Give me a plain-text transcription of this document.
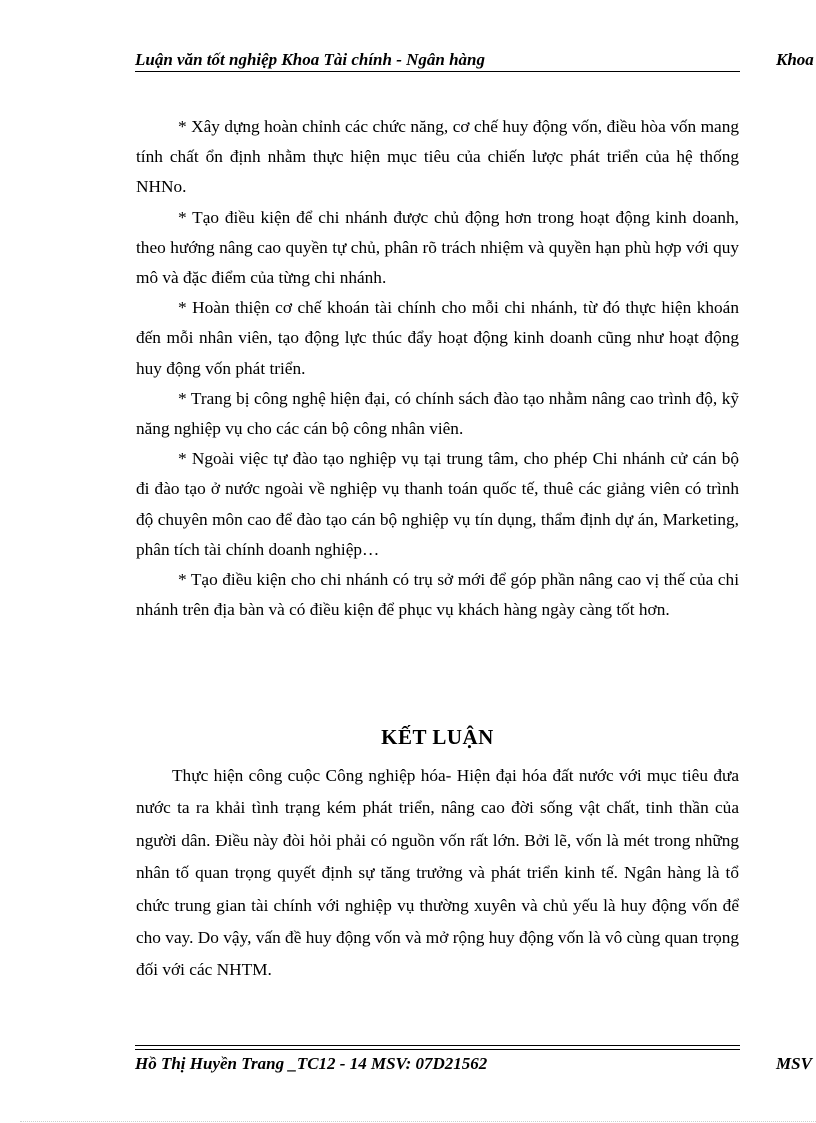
Luận văn tốt nghiệp Khoa Tài chính - Ngân hàng	Khoa

* Xây dựng hoàn chỉnh các chức năng, cơ chế huy động vốn, điều hòa vốn mang tính chất ổn định nhằm thực hiện mục tiêu của chiến lược phát triển của hệ thống NHNo.

* Tạo điều kiện để chi nhánh được chủ động hơn trong hoạt động kinh doanh, theo hướng nâng cao quyền tự chủ, phân rõ trách nhiệm và quyền hạn phù hợp với quy mô và đặc điểm của từng chi nhánh.

* Hoàn thiện cơ chế khoán tài chính cho mỗi chi nhánh, từ đó thực hiện khoán đến mỗi nhân viên, tạo động lực thúc đẩy hoạt động kinh doanh cũng như hoạt động huy động vốn phát triển.

* Trang bị công nghệ hiện đại, có chính sách đào tạo nhằm nâng cao trình độ, kỹ năng nghiệp vụ cho các cán bộ công nhân viên.

* Ngoài việc tự đào tạo nghiệp vụ tại trung tâm, cho phép Chi nhánh cử cán bộ đi đào tạo ở nước ngoài về nghiệp vụ thanh toán quốc tế, thuê các giảng viên có trình độ chuyên môn cao để đào tạo cán bộ nghiệp vụ tín dụng, thẩm định dự án, Marketing, phân tích tài chính doanh nghiệp…

* Tạo điều kiện cho chi nhánh có trụ sở mới để góp phần nâng cao vị thế của chi nhánh trên địa bàn và có điều kiện để phục vụ khách hàng ngày càng tốt hơn.

KẾT LUẬN

Thực hiện công cuộc Công nghiệp hóa- Hiện đại hóa đất nước với mục tiêu đưa nước ta ra khải tình trạng kém phát triển, nâng cao đời sống vật chất, tinh thần của người dân. Điều này đòi hỏi phải có nguồn vốn rất lớn. Bởi lẽ, vốn là mét trong những nhân tố quan trọng quyết định sự tăng trưởng và phát triển kinh tế. Ngân hàng là tổ chức trung gian tài chính với nghiệp vụ thường xuyên và chủ yếu là huy động vốn để cho vay. Do vậy, vấn đề huy động vốn và mở rộng huy động vốn là vô cùng quan trọng đối với các NHTM.

Hồ Thị Huyền Trang _TC12 - 14 MSV: 07D21562	MSV
